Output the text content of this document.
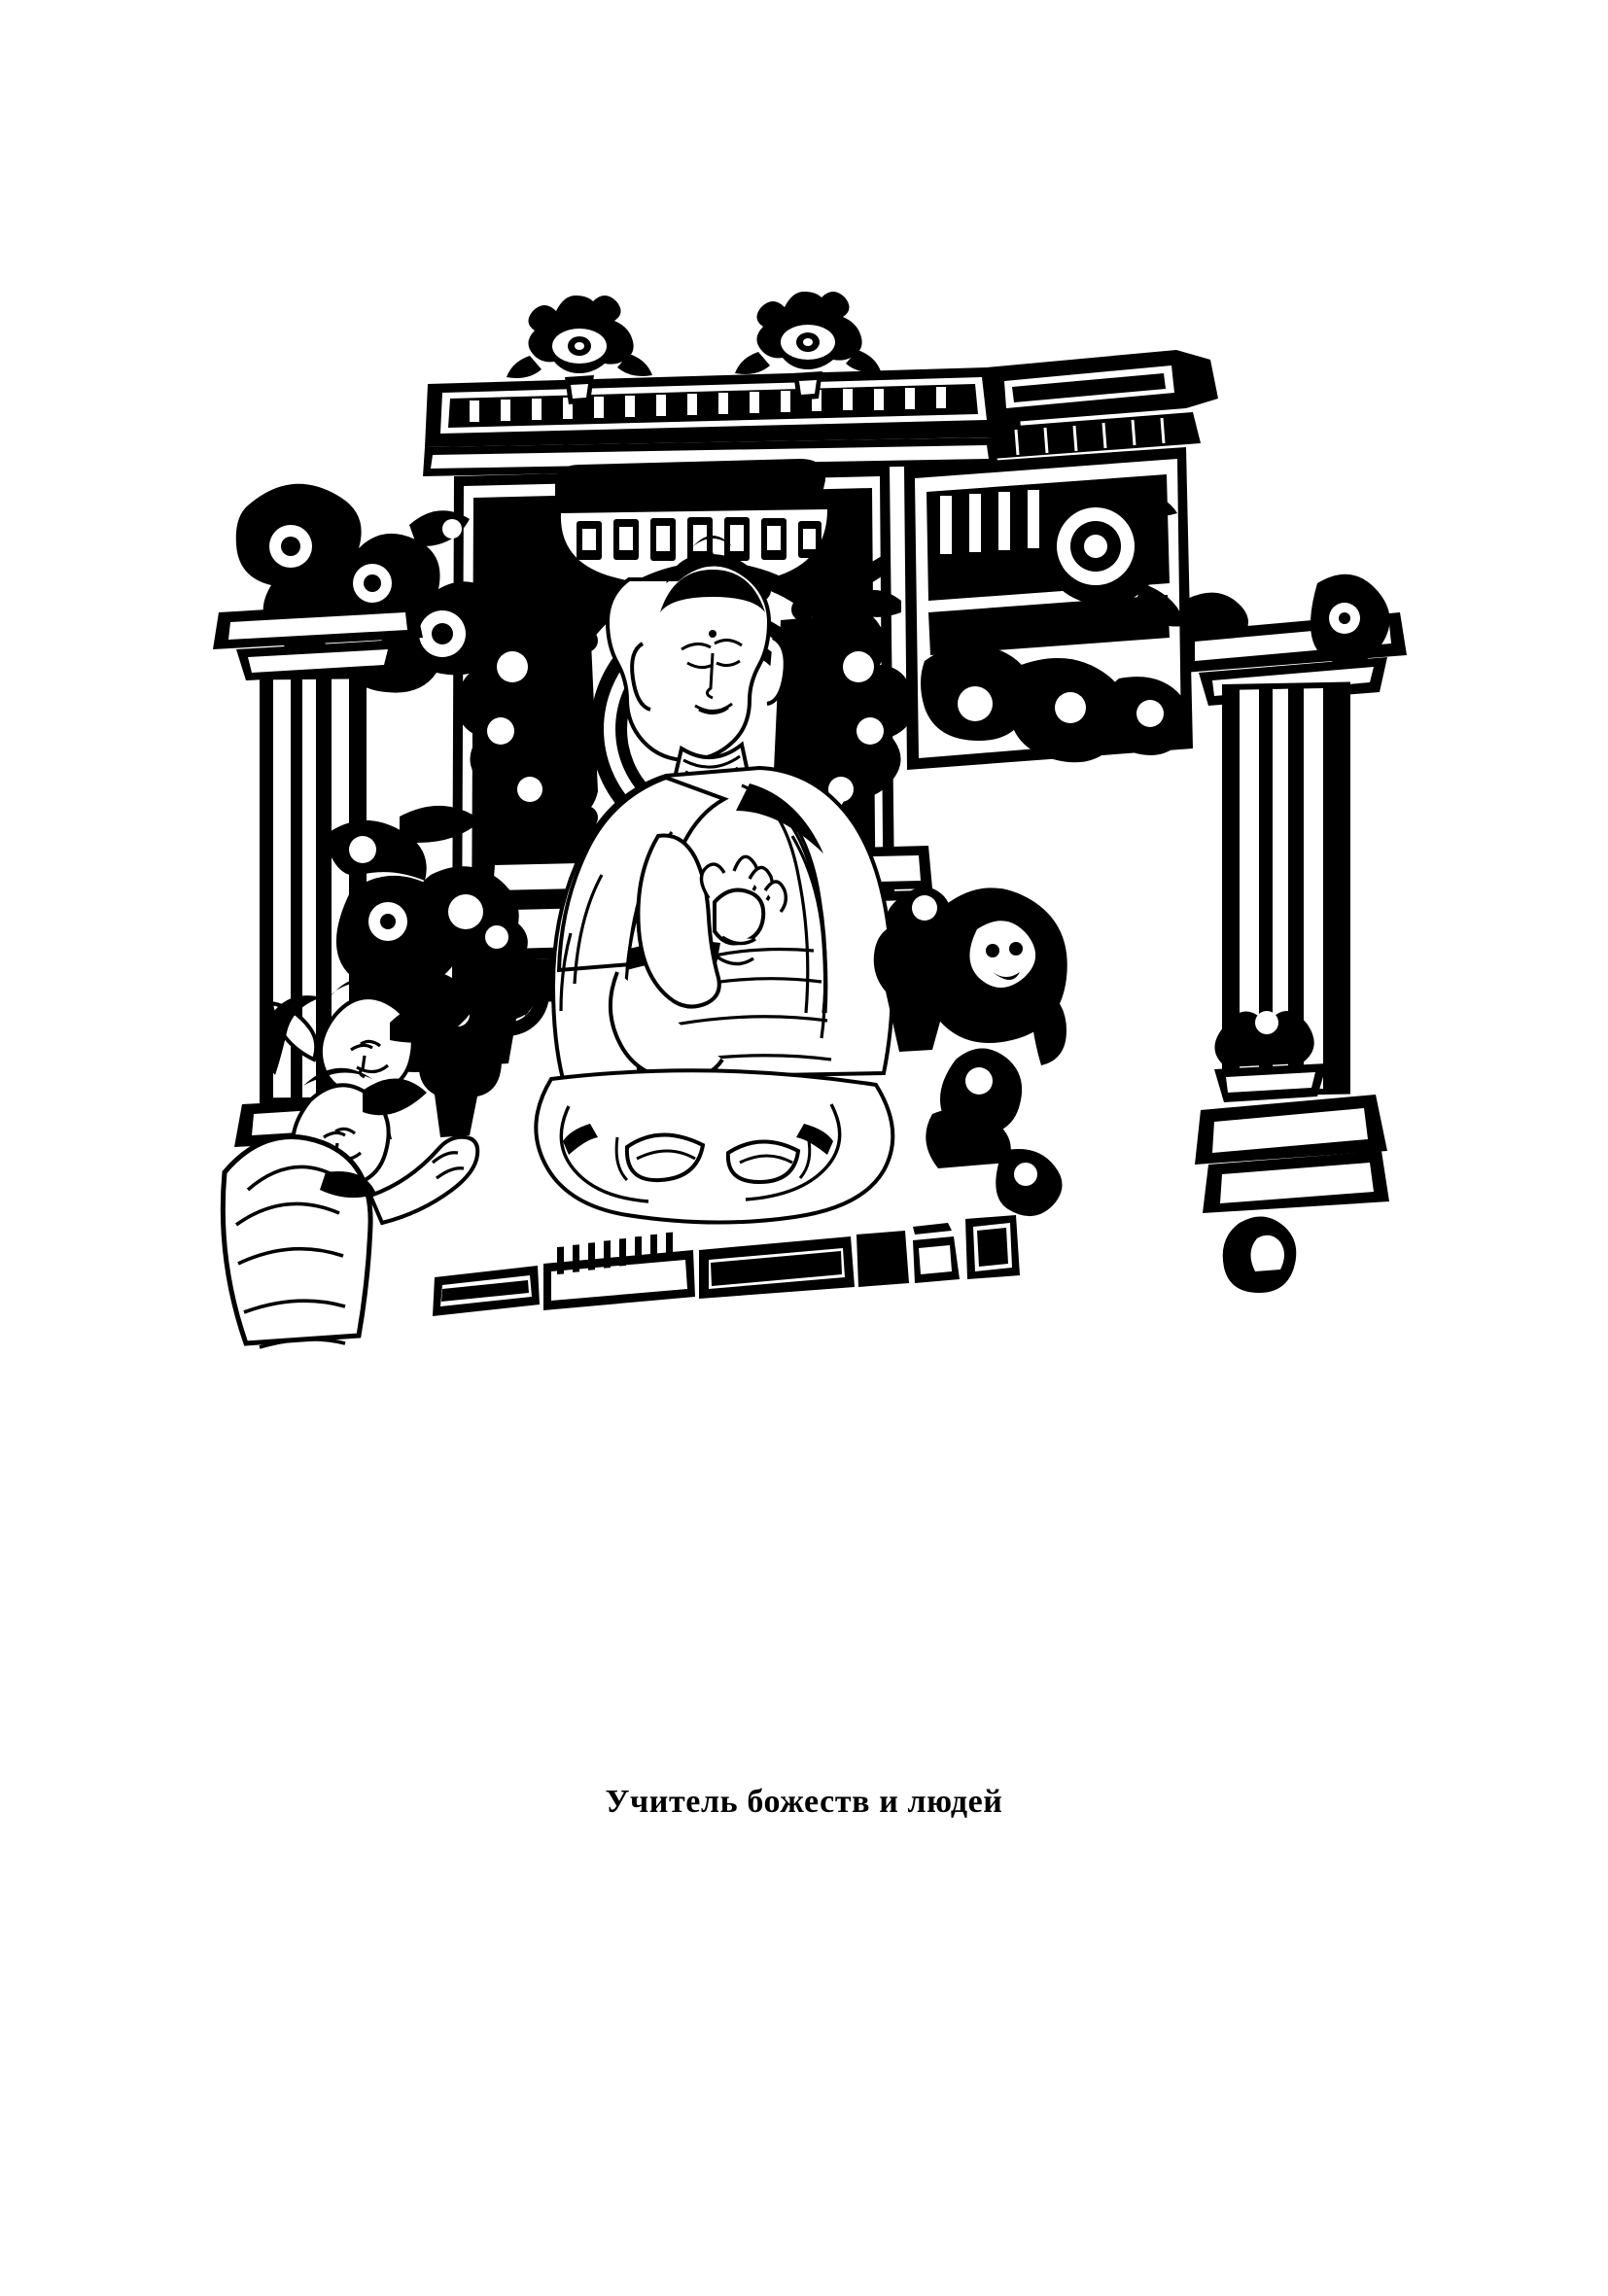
Учитель божеств и людей
